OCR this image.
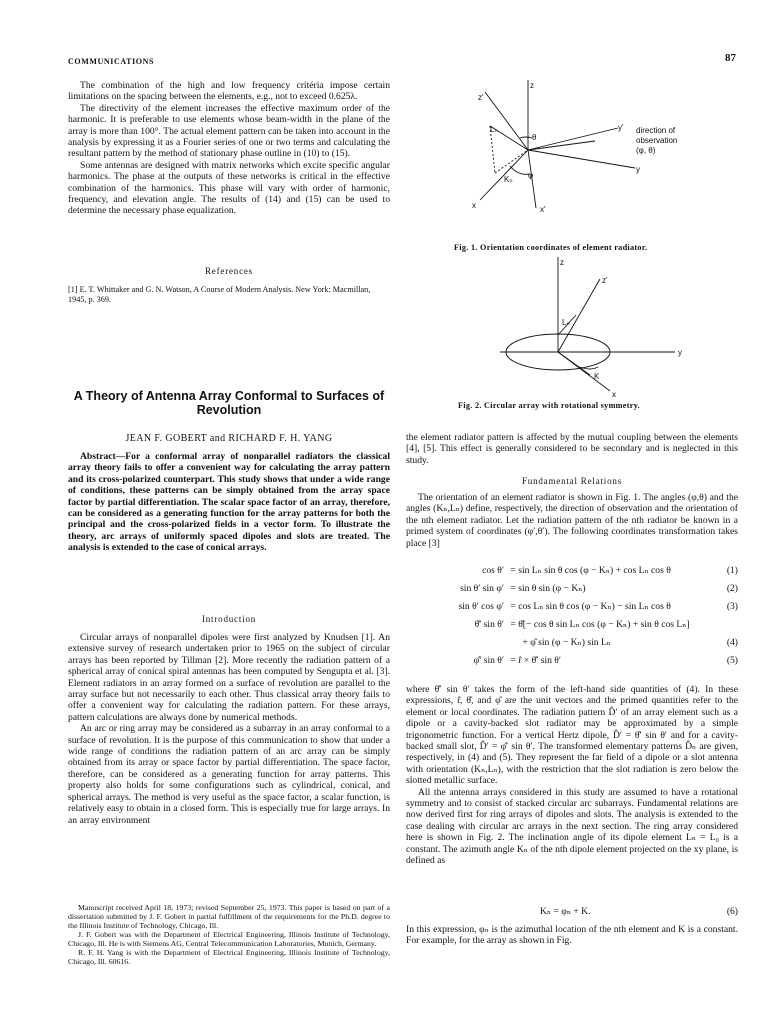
COMMUNICATIONS	87

The combination of the high and low frequency critéria impose certain limitations on the spacing between the elements, e.g., not to exceed 0.625λ.

The directivity of the element increases the effective maximum order of the harmonic. It is preferable to use elements whose beam-width in the plane of the array is more than 100°. The actual element pattern can be taken into account in the analysis by expressing it as a Fourier series of one or two terms and calculating the resultant pattern by the method of stationary phase outline in (10) to (15).

Some antennas are designed with matrix networks which excite specific angular harmonics. The phase at the outputs of these networks is critical in the effective combination of the harmonics. This phase will vary with order of harmonic, frequency, and elevation angle. The results of (14) and (15) can be used to determine the necessary phase equalization.

References
[1] E. T. Whittaker and G. N. Watson, A Course of Modern Analysis. New York: Macmillan, 1945, p. 369.
A Theory of Antenna Array Conformal to Surfaces of Revolution
JEAN F. GOBERT and RICHARD F. H. YANG
Abstract—For a conformal array of nonparallel radiators the classical array theory fails to offer a convenient way for calculating the array pattern and its cross-polarized counterpart. This study shows that under a wide range of conditions, these patterns can be simply obtained from the array space factor by partial differentiation. The scalar space factor of an array, therefore, can be considered as a generating function for the array patterns for both the principal and the cross-polarized fields in a vector form. To illustrate the theory, arc arrays of uniformly spaced dipoles and slots are treated. The analysis is extended to the case of conical arrays.
Introduction

Circular arrays of nonparallel dipoles were first analyzed by Knudsen [1]. An extensive survey of research undertaken prior to 1965 on the subject of circular arrays has been reported by Tillman [2]. More recently the radiation pattern of a spherical array of conical spiral antennas has been computed by Sengupta et al. [3]. Element radiators in an array formed on a surface of revolution are parallel to the array surface but not necessarily to each other. Thus classical array theory fails to offer a convenient way for calculating the radiation pattern. For these arrays, pattern calculations are always done by numerical methods.

An arc or ring array may be considered as a subarray in an array conformal to a surface of revolution. It is the purpose of this communication to show that under a wide range of conditions the radiation pattern of an arc array can be simply obtained from its array or space factor by partial differentiation. The space factor, therefore, can be considered as a generating function for array patterns. This property also holds for some configurations such as cylindrical, conical, and spherical arrays. The method is very useful as the space factor, a scalar function, is relatively easy to obtain in a closed form. This is especially true for large arrays. In an array environment

Manuscript received April 18, 1973; revised September 25, 1973. This paper is based on part of a dissertation submitted by J. F. Gobert in partial fulfillment of the requirements for the Ph.D. degree to the Illinois Institute of Technology, Chicago, Ill.

J. F. Gobert was with the Department of Electrical Engineering, Illinois Institute of Technology, Chicago, Ill. He is with Siemens AG, Central Telecommunication Laboratories, Munich, Germany.

R. F. H. Yang is with the Department of Electrical Engineering, Illinois Institute of Technology, Chicago, Ill. 60616.

z
z'
y'
y
x	x'
Lₙ
Kₙ
θ
φ
direction of
observation
(φ, θ)
Fig. 1. Orientation coordinates of element radiator.
z
z'
Lₙ
y
K
x
Fig. 2. Circular array with rotational symmetry.

the element radiator pattern is affected by the mutual coupling between the elements [4], [5]. This effect is generally considered to be secondary and is neglected in this study.

Fundamental Relations

The orientation of an element radiator is shown in Fig. 1. The angles (φ,θ) and the angles (Kₙ,Lₙ) define, respectively, the direction of observation and the orientation of the nth element radiator. Let the radiation pattern of the nth radiator be known in a primed system of coordinates (φ′,θ′). The following coordinates transformation takes place [3]

cos θ′ = sin Lₙ sin θ cos (φ − Kₙ) + cos Lₙ cos θ	(1)
sin θ′ sin φ′ = sin θ sin (φ − Kₙ)	(2)
sin θ′ cos φ′ = cos Lₙ sin θ cos (φ − Kₙ) − sin Lₙ cos θ	(3)
θ̂′ sin θ′ = θ̂[− cos θ sin Lₙ cos (φ − Kₙ) + sin θ cos Lₙ]
+ φ̂ sin (φ − Kₙ) sin Lₙ	(4)
φ̂′ sin θ′ = r̂ × θ̂′ sin θ′	(5)

where θ̂′ sin θ′ takes the form of the left-hand side quantities of (4). In these expressions, r̂, θ̂, and φ̂ are the unit vectors and the primed quantities refer to the element or local coordinates. The radiation pattern D̂′ of an array element such as a dipole or a cavity-backed slot radiator may be approximated by a simple trigonometric function. For a vertical Hertz dipole, D̂′ = θ̂′ sin θ′ and for a cavity-backed small slot, D̂′ = φ̂′ sin θ′. The transformed elementary patterns D̂ₙ are given, respectively, in (4) and (5). They represent the far field of a dipole or a slot antenna with orientation (Kₙ,Lₙ), with the restriction that the slot radiation is zero below the slotted metallic surface.

All the antenna arrays considered in this study are assumed to have a rotational symmetry and to consist of stacked circular arc subarrays. Fundamental relations are now derived first for ring arrays of dipoles and slots. The analysis is extended to the case dealing with circular arc arrays in the next section. The ring array considered here is shown in Fig. 2. The inclination angle of its dipole element Lₙ = L₀ is a constant. The azimuth angle Kₙ of the nth dipole element projected on the xy plane, is defined as

Kₙ = φₙ + K.	(6)

In this expression, φₙ is the azimuthal location of the nth element and K is a constant. For example, for the array as shown in Fig.
